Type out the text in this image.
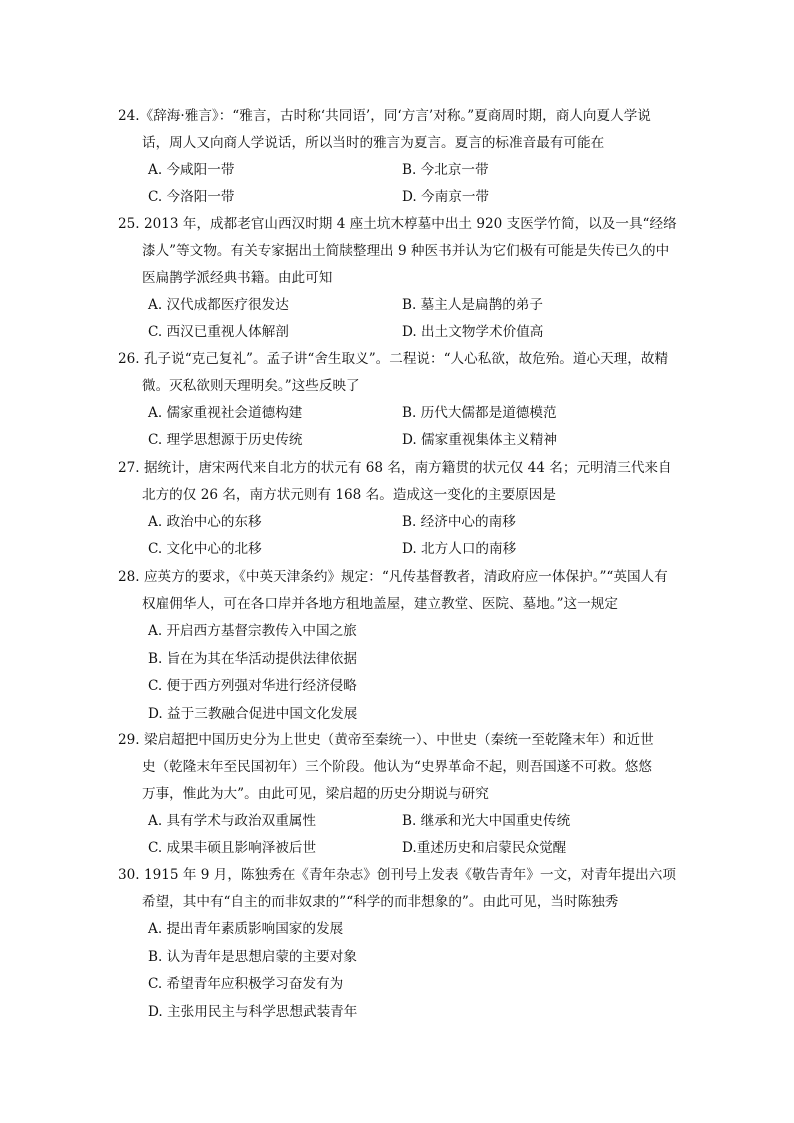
24.《辞海·雅言》：“雅言，古时称‘共同语’，同‘方言’对称。”夏商周时期，商人向夏人学说
话，周人又向商人学说话，所以当时的雅言为夏言。夏言的标准音最有可能在
A. 今咸阳一带	B. 今北京一带
C. 今洛阳一带	D. 今南京一带
25. 2013 年，成都老官山西汉时期 4 座土坑木椁墓中出土 920 支医学竹简，以及一具“经络
漆人”等文物。有关专家据出土简牍整理出 9 种医书并认为它们极有可能是失传已久的中
医扁鹊学派经典书籍。由此可知
A. 汉代成都医疗很发达	B. 墓主人是扁鹊的弟子
C. 西汉已重视人体解剖	D. 出土文物学术价值高
26. 孔子说“克己复礼”。孟子讲“舍生取义”。二程说：“人心私欲，故危殆。道心天理，故精
微。灭私欲则天理明矣。”这些反映了
A. 儒家重视社会道德构建	B. 历代大儒都是道德模范
C. 理学思想源于历史传统	D. 儒家重视集体主义精神
27. 据统计，唐宋两代来自北方的状元有 68 名，南方籍贯的状元仅 44 名；元明清三代来自
北方的仅 26 名，南方状元则有 168 名。造成这一变化的主要原因是
A. 政治中心的东移	B. 经济中心的南移
C. 文化中心的北移	D. 北方人口的南移
28. 应英方的要求，《中英天津条约》规定：“凡传基督教者，清政府应一体保护。”“英国人有
权雇佣华人，可在各口岸并各地方租地盖屋，建立教堂、医院、墓地。”这一规定
A. 开启西方基督宗教传入中国之旅
B. 旨在为其在华活动提供法律依据
C. 便于西方列强对华进行经济侵略
D. 益于三教融合促进中国文化发展
29. 梁启超把中国历史分为上世史（黄帝至秦统一）、中世史（秦统一至乾隆末年）和近世
史（乾隆末年至民国初年）三个阶段。他认为“史界革命不起，则吾国遂不可救。悠悠
万事，惟此为大”。由此可见，梁启超的历史分期说与研究
A. 具有学术与政治双重属性	B. 继承和光大中国重史传统
C. 成果丰硕且影响泽被后世	D.重述历史和启蒙民众觉醒
30. 1915 年 9 月，陈独秀在《青年杂志》创刊号上发表《敬告青年》一文，对青年提出六项
希望，其中有“自主的而非奴隶的”“科学的而非想象的”。由此可见，当时陈独秀
A. 提出青年素质影响国家的发展
B. 认为青年是思想启蒙的主要对象
C. 希望青年应积极学习奋发有为
D. 主张用民主与科学思想武装青年
